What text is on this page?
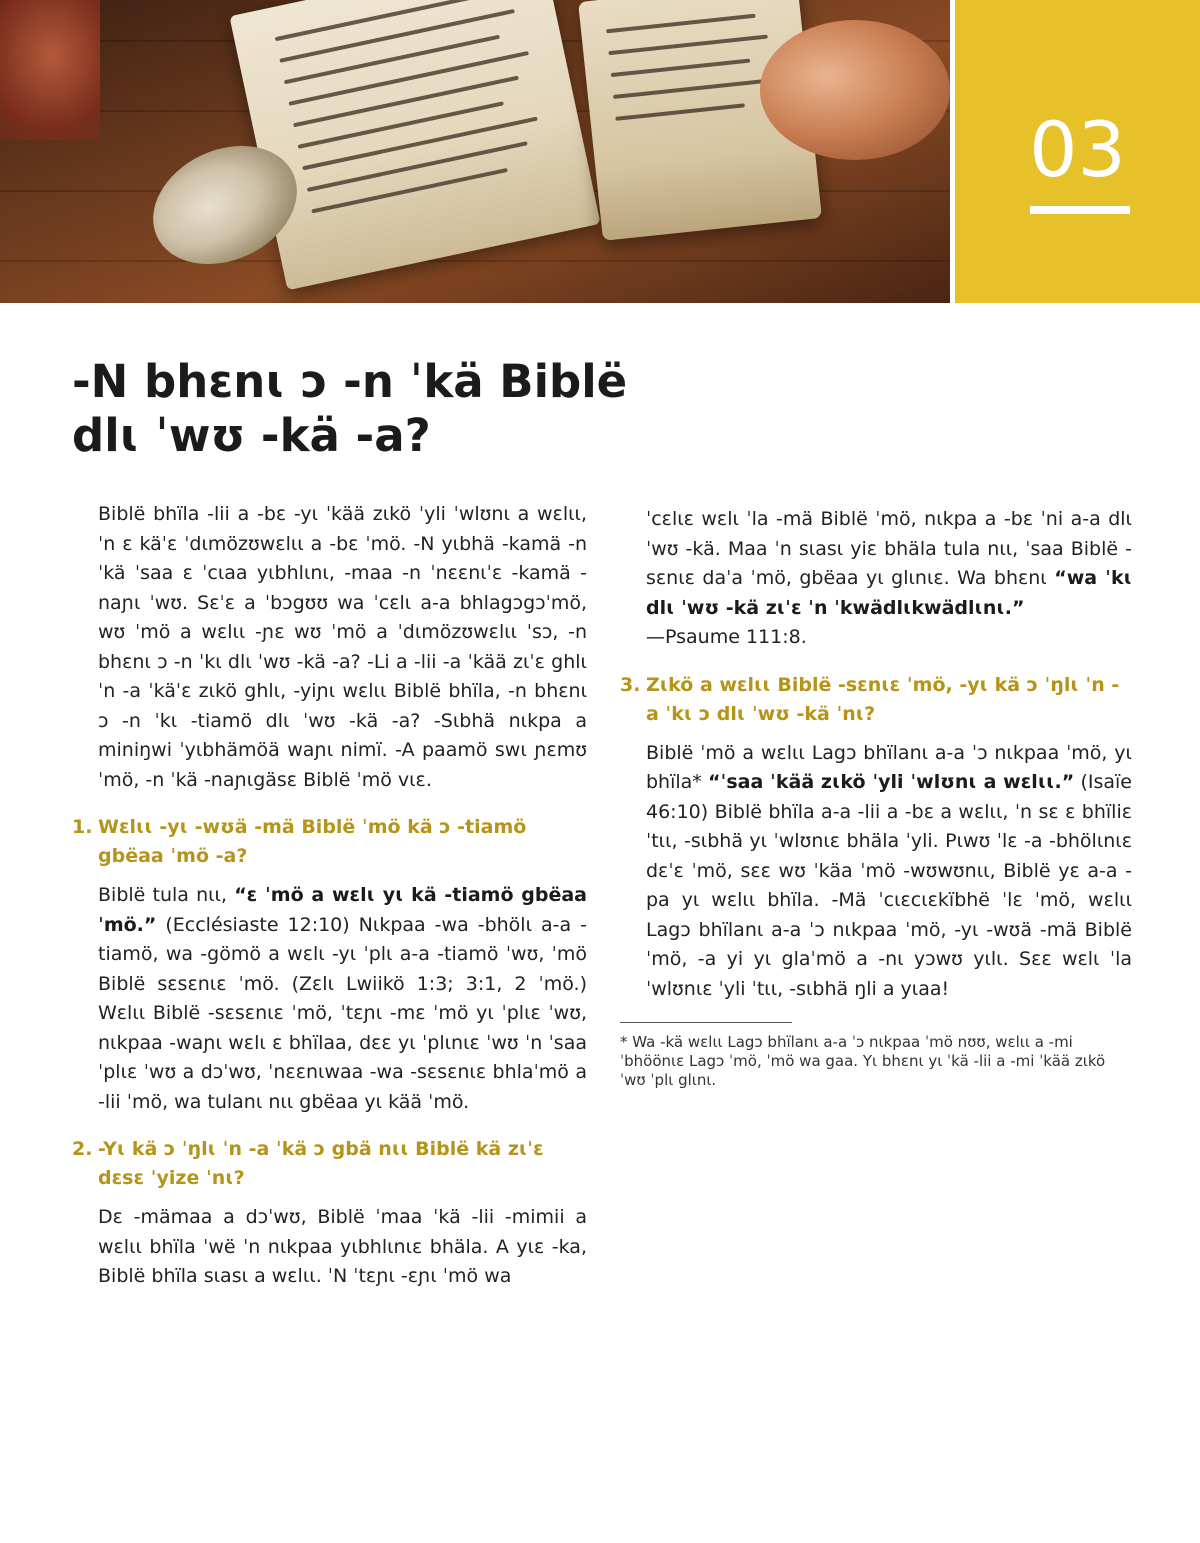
03
-N bhɛnɩ ɔ -n ˈkä Biblë
dlɩ ˈwʊ -kä -a?

Biblë bhïla -lii a -bɛ -yɩ ˈkää zɩkö ˈyli ˈwlʊnɩ a wɛlɩɩ, ˈn ɛ käˈɛ ˈdɩmözʊwɛlɩɩ a -bɛ ˈmö. -N yɩbhä -kamä -n ˈkä ˈsaa ɛ ˈcɩaa yɩbhlɩnɩ, -maa -n ˈnɛɛnɩˈɛ -kamä -naɲɩ ˈwʊ. Sɛˈɛ a ˈbɔgʊʊ wa ˈcɛlɩ a-a bhlagɔgɔˈmö, wʊ ˈmö a wɛlɩɩ -ɲɛ wʊ ˈmö a ˈdɩmözʊwɛlɩɩ ˈsɔ, -n bhɛnɩ ɔ -n ˈkɩ dlɩ ˈwʊ -kä -a? -Li a -lii -a ˈkää zɩˈɛ ghlɩ ˈn -a ˈkäˈɛ zɩkö ghlɩ, -yiɲɩ wɛlɩɩ Biblë bhïla, -n bhɛnɩ ɔ -n ˈkɩ -tiamö dlɩ ˈwʊ -kä -a? -Sɩbhä nɩkpa a miniŋwi ˈyɩbhämöä waɲɩ nimï. -A paamö swɩ ɲɛmʊ ˈmö, -n ˈkä -naɲɩgäsɛ Biblë ˈmö vɩɛ.

1. Wɛlɩɩ -yɩ -wʊä -mä Biblë ˈmö kä ɔ -tiamö gbëaa ˈmö -a?

Biblë tula nɩɩ, “ɛ ˈmö a wɛlɩ yɩ kä -tiamö gbëaa ˈmö.” (Ecclésiaste 12:10) Nɩkpaa -wa -bhölɩ a-a -tiamö, wa -gömö a wɛlɩ -yɩ ˈplɩ a-a -tiamö ˈwʊ, ˈmö Biblë sɛsɛnɩɛ ˈmö. (Zɛlɩ Lwiikö 1:3; 3:1, 2 ˈmö.) Wɛlɩɩ Biblë -sɛsɛnɩɛ ˈmö, ˈtɛɲɩ -mɛ ˈmö yɩ ˈplɩɛ ˈwʊ, nɩkpaa -waɲɩ wɛlɩ ɛ bhïlaa, dɛɛ yɩ ˈplɩnɩɛ ˈwʊ ˈn ˈsaa ˈplɩɛ ˈwʊ a dɔˈwʊ, ˈnɛɛnɩwaa -wa -sɛsɛnɩɛ bhlaˈmö a -lii ˈmö, wa tulanɩ nɩɩ gbëaa yɩ kää ˈmö.

2. -Yɩ kä ɔ ˈŋlɩ ˈn -a ˈkä ɔ gbä nɩɩ Biblë kä zɩˈɛ dɛsɛ ˈyize ˈnɩ?

Dɛ -mämaa a dɔˈwʊ, Biblë ˈmaa ˈkä -lii -mimii a wɛlɩɩ bhïla ˈwë ˈn nɩkpaa yɩbhlɩnɩɛ bhäla. A yɩɛ -ka, Biblë bhïla sɩasɩ a wɛlɩɩ. ˈN ˈtɛɲɩ -ɛɲɩ ˈmö wa

ˈcɛlɩɛ wɛlɩ ˈla -mä Biblë ˈmö, nɩkpa a -bɛ ˈni a-a dlɩ ˈwʊ -kä. Maa ˈn sɩasɩ yiɛ bhäla tula nɩɩ, ˈsaa Biblë -sɛnɩɛ daˈa ˈmö, gbëaa yɩ glɩnɩɛ. Wa bhɛnɩ “wa ˈkɩ dlɩ ˈwʊ -kä zɩˈɛ ˈn ˈkwädlɩkwädlɩnɩ.”
—Psaume 111:8.

3. Zɩkö a wɛlɩɩ Biblë -sɛnɩɛ ˈmö, -yɩ kä ɔ ˈŋlɩ ˈn -a ˈkɩ ɔ dlɩ ˈwʊ -kä ˈnɩ?

Biblë ˈmö a wɛlɩɩ Lagɔ bhïlanɩ a-a ˈɔ nɩkpaa ˈmö, yɩ bhïla* “ˈsaa ˈkää zɩkö ˈyli ˈwlʊnɩ a wɛlɩɩ.” (Isaïe 46:10) Biblë bhïla a-a -lii a -bɛ a wɛlɩɩ, ˈn sɛ ɛ bhïliɛ ˈtɩɩ, -sɩbhä yɩ ˈwlʊnɩɛ bhäla ˈyli. Pɩwʊ ˈlɛ -a -bhölɩnɩɛ dɛˈɛ ˈmö, sɛɛ wʊ ˈkäa ˈmö -wʊwʊnɩɩ, Biblë yɛ a-a -pa yɩ wɛlɩɩ bhïla. -Mä ˈcɩɛcɩɛkïbhë ˈlɛ ˈmö, wɛlɩɩ Lagɔ bhïlanɩ a-a ˈɔ nɩkpaa ˈmö, -yɩ -wʊä -mä Biblë ˈmö, -a yi yɩ glaˈmö a -nɩ yɔwʊ yɩlɩ. Sɛɛ wɛlɩ ˈla ˈwlʊnɩɛ ˈyli ˈtɩɩ, -sɩbhä ŋli a yɩaa!

* Wa -kä wɛlɩɩ Lagɔ bhïlanɩ a-a ˈɔ nɩkpaa ˈmö nʊʊ, wɛlɩɩ a -mi ˈbhöönɩɛ Lagɔ ˈmö, ˈmö wa gaa. Yɩ bhɛnɩ yɩ ˈkä -lii a -mi ˈkää zɩkö ˈwʊ ˈplɩ glɩnɩ.
